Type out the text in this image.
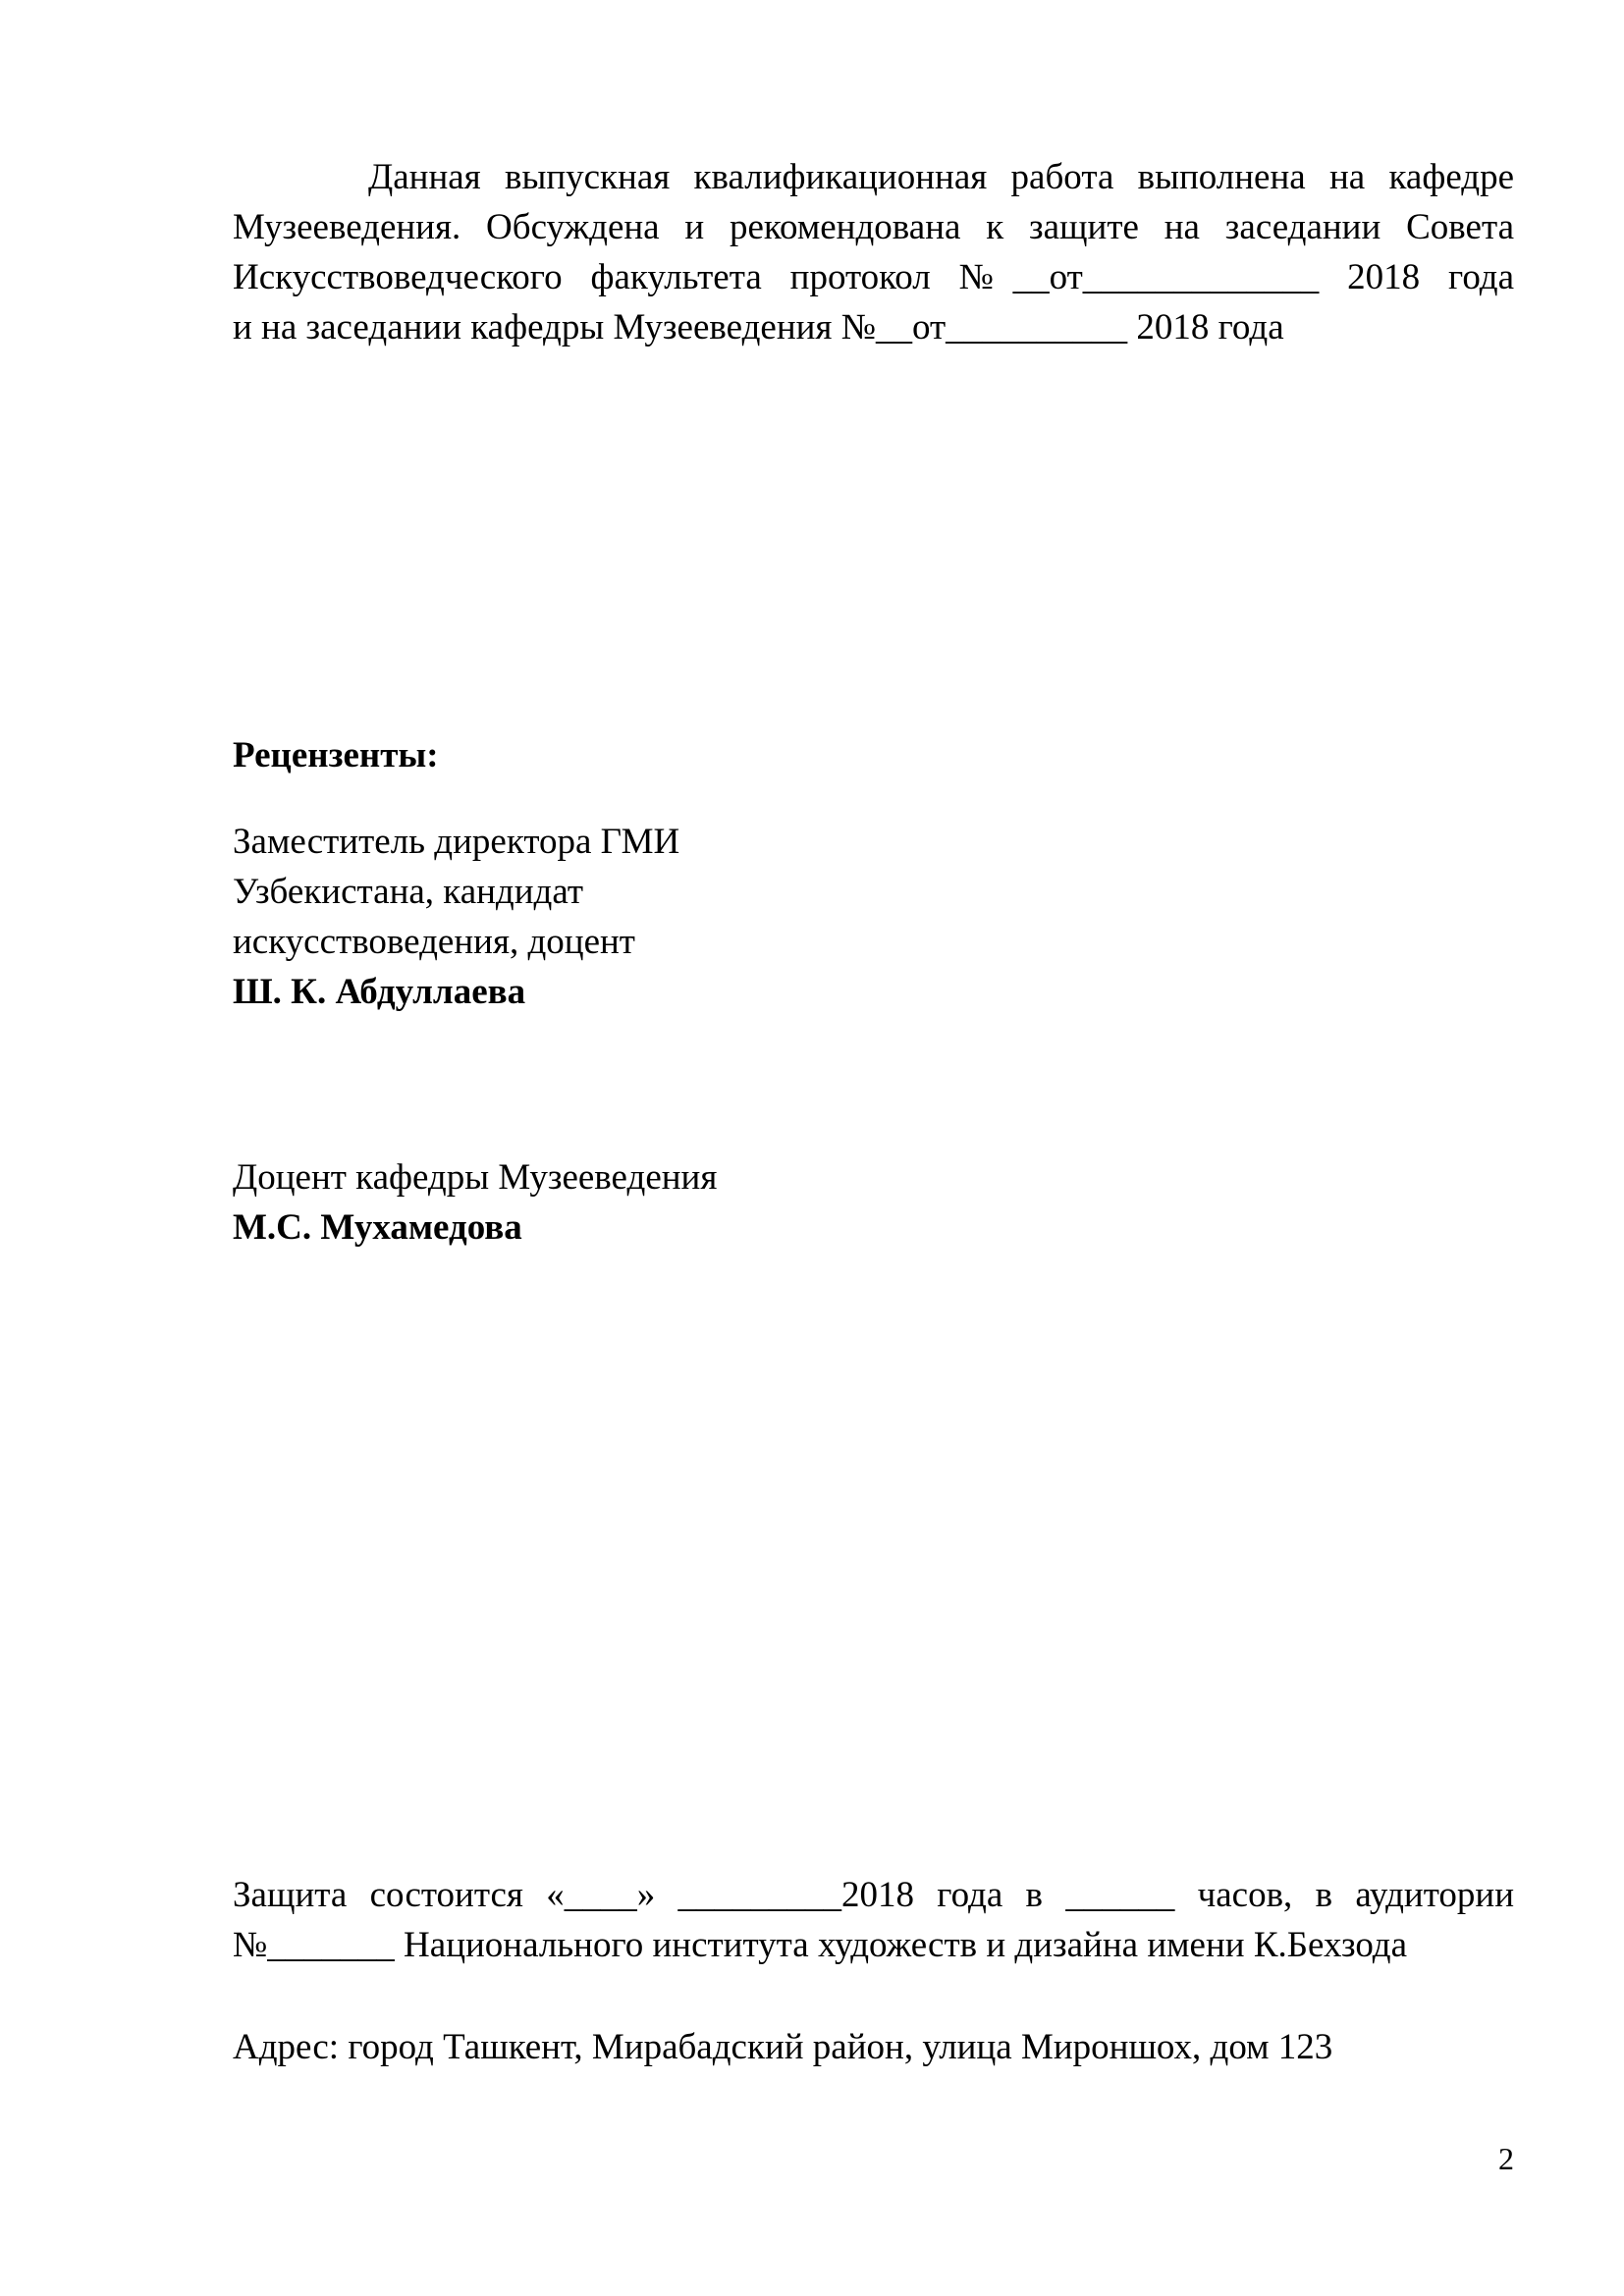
Данная выпускная квалификационная работа выполнена на кафедре
Музееведения. Обсуждена и рекомендована к защите на заседании Совета
Искусствоведческого факультета протокол №__от_____________ 2018 года
и на заседании кафедры Музееведения №__от__________ 2018 года
Рецензенты:
Заместитель директора ГМИ
Узбекистана, кандидат
искусствоведения, доцент
Ш. К. Абдуллаева
Доцент кафедры Музееведения
М.С. Мухамедова
Защита состоится «____» _________2018 года в ______ часов, в аудитории
№_______ Национального института художеств и дизайна имени К.Бехзода
Адрес: город Ташкент, Мирабадский район, улица Мироншох, дом 123
2
